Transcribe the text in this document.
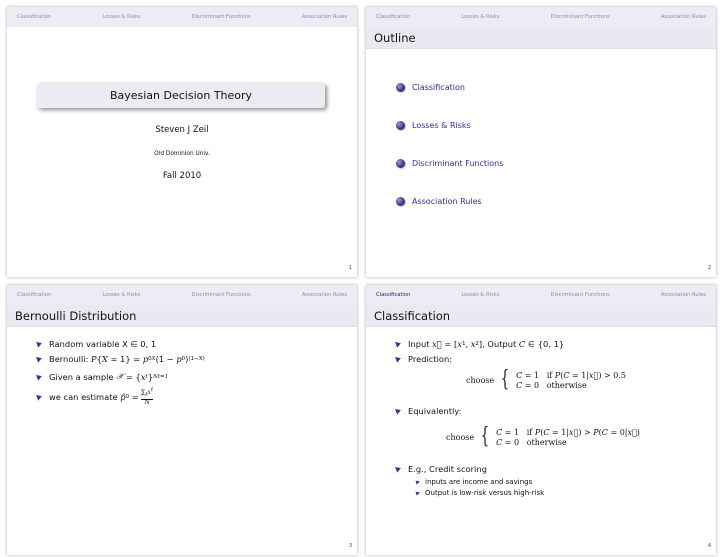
Classification	Losses & Risks	Discriminant Functions	Association Rules
Bayesian Decision Theory
Steven J Zeil
Old Dominion Univ.
Fall 2010
1
Classification	Losses & Risks	Discriminant Functions	Association Rules
Outline
Classification
Losses & Risks
Discriminant Functions
Association Rules
2
Classification	Losses & Risks	Discriminant Functions	Association Rules
Bernoulli Distribution
Random variable X ∈ 0, 1
Bernoulli:
P { X = 1} = p 0 X (1 − p 0 ) (1−X)
Given a sample
𝒳 = { x t } N t=1
we can estimate
p̂ $0 = \sum_tx^t$
N
3
Classification	Losses & Risks	Discriminant Functions	Association Rules
Classification
Input x⃗ = [ x 1 , x 2 ], Output C ∈ {0, 1}
Prediction:
choose { C = 1   if P(C = 1|x⃗) > 0.5
C = 0   otherwise
Equivalently:
choose { C = 1   if P(C = 1|x⃗) > P(C = 0|x⃗)
C = 0   otherwise
E.g., Credit scoring
inputs are income and savings
Output is low-risk versus high-risk
4
